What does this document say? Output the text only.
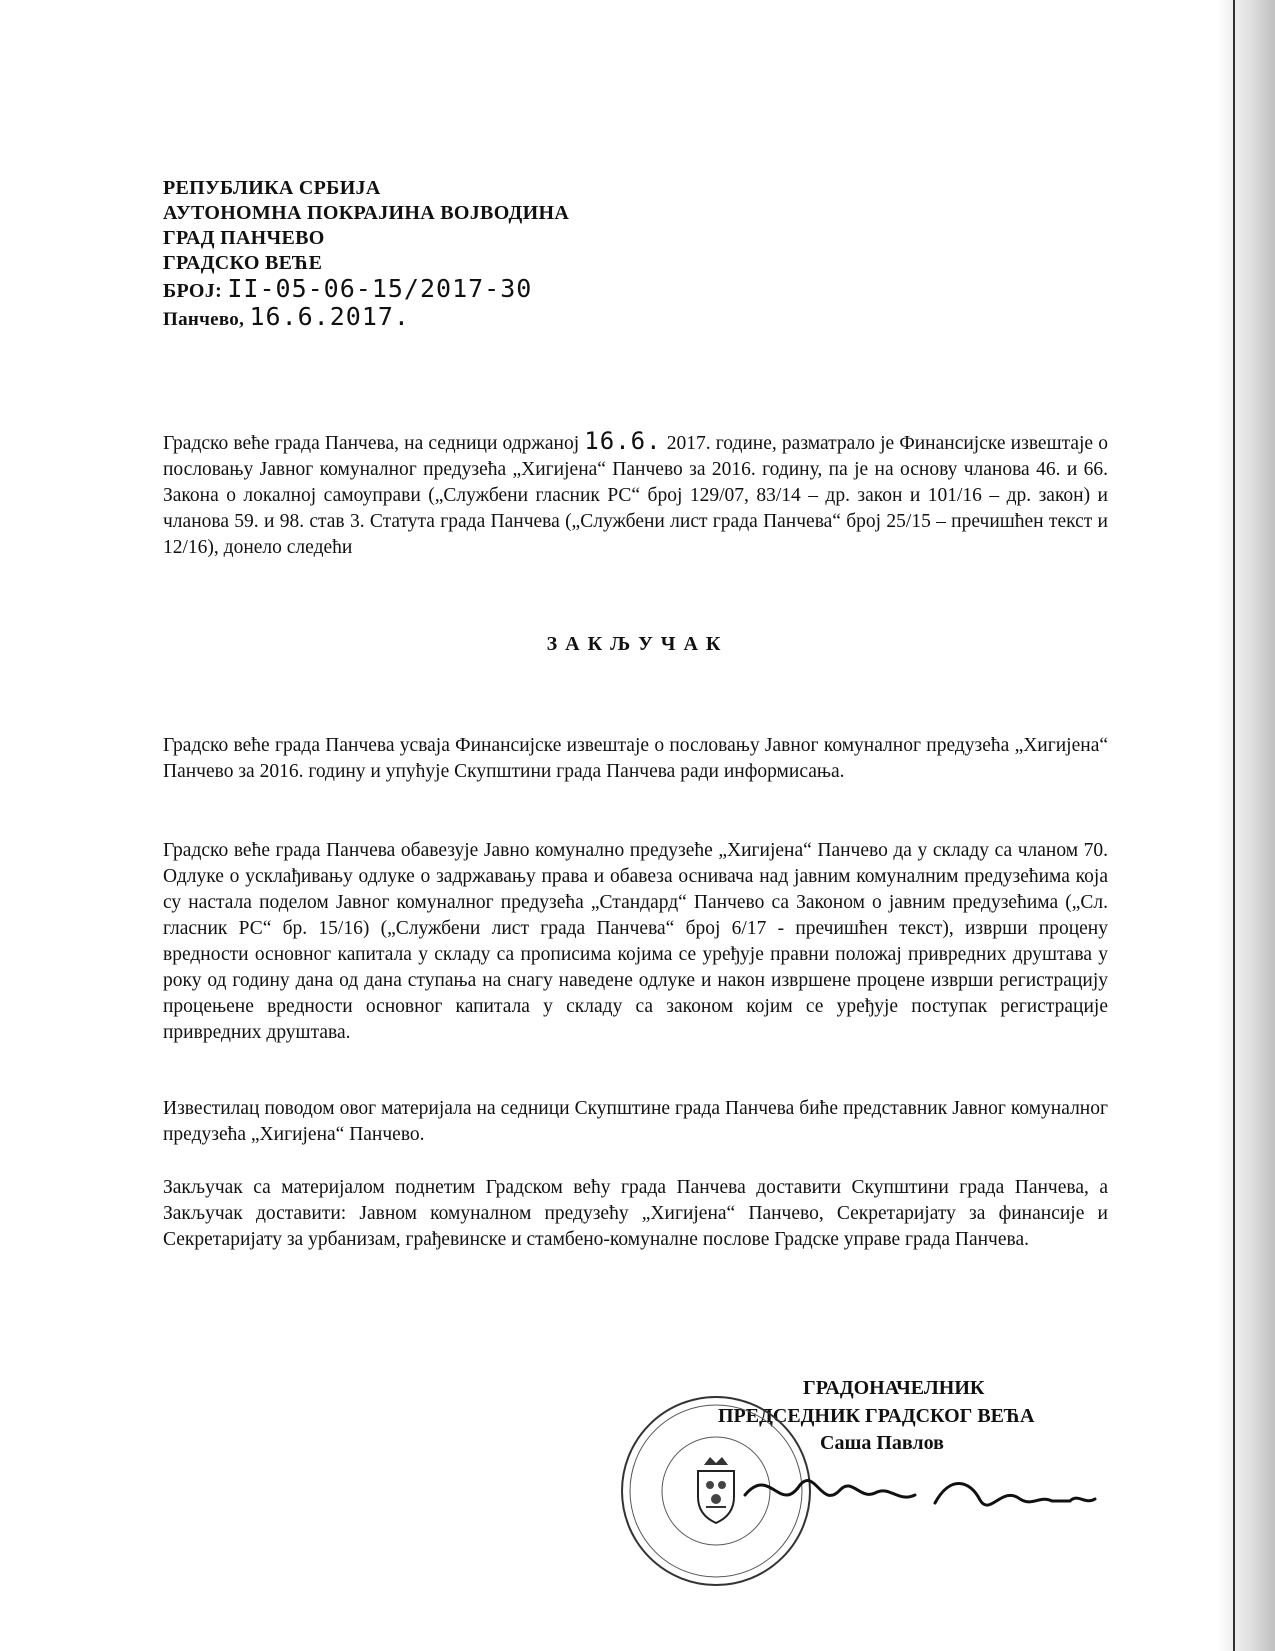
РЕПУБЛИКА СРБИЈА
АУТОНОМНА ПОКРАЈИНА ВОЈВОДИНА
ГРАД ПАНЧЕВО
ГРАДСКО ВЕЋЕ
БРОЈ: II-05-06-15/2017-30
Панчево, 16.6.2017.
Градско веће града Панчева, на седници одржаној 16.6. 2017. године, разматрало је Финансијске извештаје о пословању Јавног комуналног предузећа „Хигијена“ Панчево за 2016. годину, па је на основу чланова 46. и 66. Закона о локалној самоуправи („Службени гласник РС“ број 129/07, 83/14 – др. закон и 101/16 – др. закон) и чланова 59. и 98. став 3. Статута града Панчева („Службени лист града Панчева“ број 25/15 – пречишћен текст и 12/16), донело следећи
ЗАКЉУЧАК
Градско веће града Панчева усваја Финансијске извештаје о пословању Јавног комуналног предузећа „Хигијена“ Панчево за 2016. годину и упућује Скупштини града Панчева ради информисања.
Градско веће града Панчева обавезује Јавно комунално предузеће „Хигијена“ Панчево да у складу са чланом 70. Одлуке о усклађивању одлуке о задржавању права и обавеза оснивача над јавним комуналним предузећима која су настала поделом Јавног комуналног предузећа „Стандард“ Панчево са Законом о јавним предузећима („Сл. гласник РС“ бр. 15/16) („Службени лист града Панчева“ број 6/17 - пречишћен текст), изврши процену вредности основног капитала у складу са прописима којима се уређује правни положај привредних друштава у року од годину дана од дана ступања на снагу наведене одлуке и након извршене процене изврши регистрацију процењене вредности основног капитала у складу са законом којим се уређује поступак регистрације привредних друштава.
Известилац поводом овог материјала на седници Скупштине града Панчева биће представник Јавног комуналног предузећа „Хигијена“ Панчево.
Закључак са материјалом поднетим Градском већу града Панчева доставити Скупштини града Панчева, а Закључак доставити: Јавном комуналном предузећу „Хигијена“ Панчево, Секретаријату за финансије и Секретаријату за урбанизам, грађевинске и стамбено-комуналне послове Градске управе града Панчева.
ГРАДОНАЧЕЛНИК
ПРЕДСЕДНИК ГРАДСКОГ ВЕЋА
Саша Павлов
